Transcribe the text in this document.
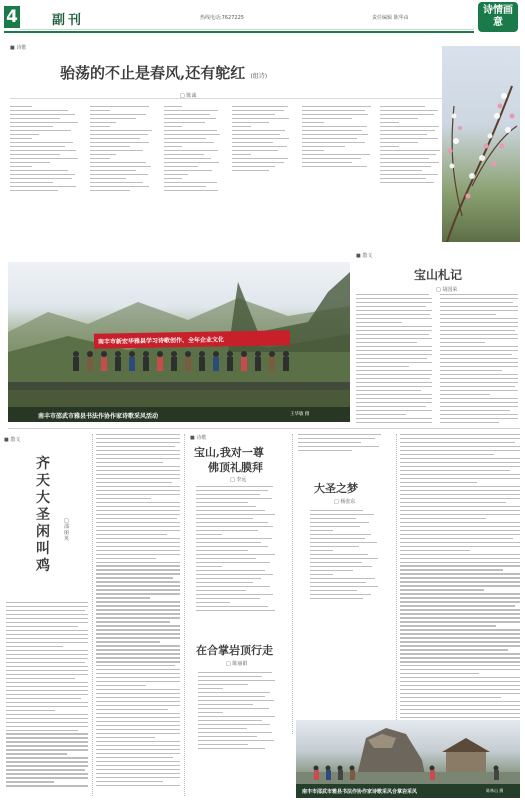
4	副刊	热线电话:7627225	责任编辑 陈华由
诗情画意
■ 诗歌
骀荡的不止是春风,还有鸵红 (组诗)
□ 陈诚
南丰市新宏华雅县学习诗歌创作、全年企业文化
南丰市邵武市雅县书法作协作家诗歌采风活动	王华敏 摄
■ 散文
宝山札记
□ 胡国荣
■ 散文
齐天大圣闲叫鸡
□ 邵丽英
■ 诗歌
宝山,我对一尊
佛顶礼膜拜
□ 李远
在合掌岩顶行走
□ 陈丽娟
大圣之梦
□ 杨张东
南丰市邵武市雅县书法作协作家诗歌采风合掌岩采风	陈林山 摄
